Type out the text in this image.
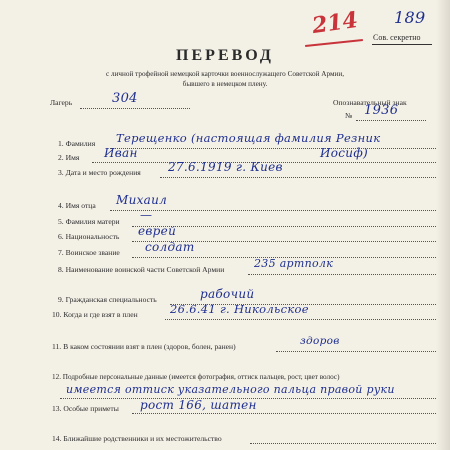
214 189
Сов. секретно
ПЕРЕВОД
с личной трофейной немецкой карточки военнослужащего Советской Армии,
бывшего в немецком плену.
Лагерь	304	Опознавательный знак
№ 1936
1. Фамилия Терещенко (настоящая фамилия Резник
2. Имя Иван	Иосиф)
3. Дата и место рождения 27.6.1919 г. Киев
4. Имя отца Михаил
5. Фамилия матери —
6. Национальность еврей
7. Воинское звание солдат
8. Наименование воинской части Советской Армии	235 артполк
9. Гражданская специальность	рабочий
10. Когда и где взят в плен	26.6.41 г. Никольское
11. В каком состоянии взят в плен (здоров, болен, ранен)	здоров
12. Подробные персональные данные (имеется фотография, оттиск пальцев, рост, цвет волос)
имеется оттиск указательного пальца правой руки
13. Особые приметы рост 166, шатен
14. Ближайшие родственники и их местожительство
